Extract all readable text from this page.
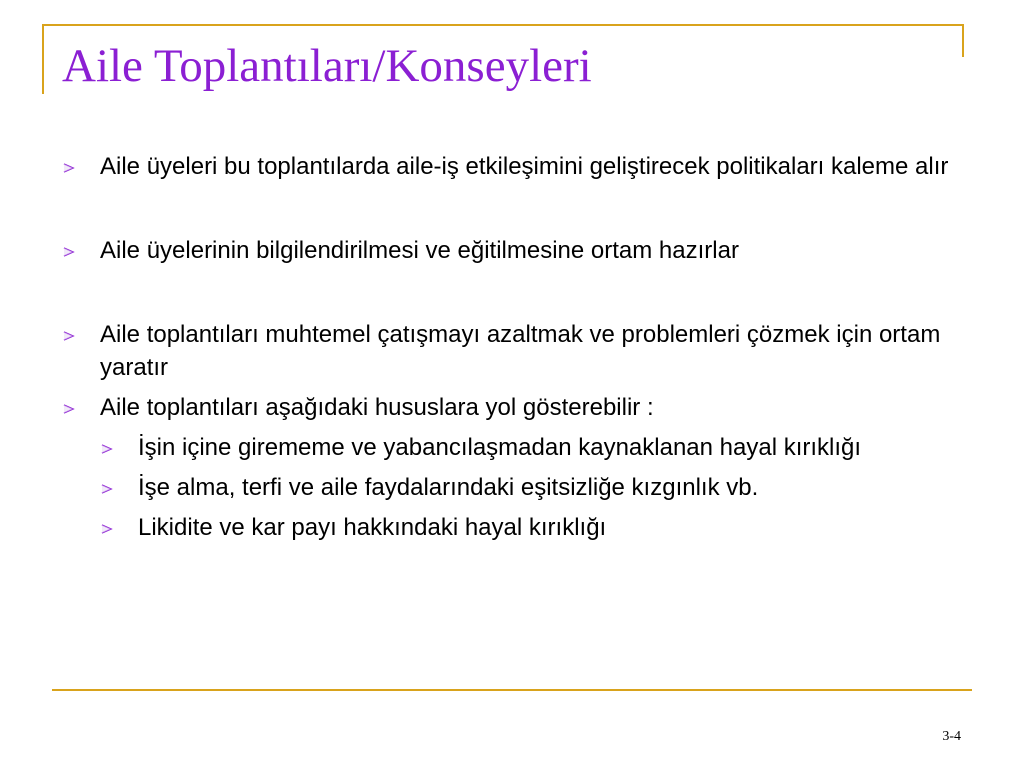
Aile Toplantıları/Konseyleri
Aile üyeleri bu toplantılarda aile-iş etkileşimini geliştirecek politikaları kaleme alır
Aile üyelerinin bilgilendirilmesi ve eğitilmesine ortam hazırlar
Aile toplantıları muhtemel çatışmayı azaltmak ve problemleri çözmek için ortam yaratır
Aile toplantıları aşağıdaki hususlara yol gösterebilir :
İşin içine girememe ve yabancılaşmadan kaynaklanan hayal kırıklığı
İşe alma, terfi ve aile faydalarındaki eşitsizliğe kızgınlık vb.
Likidite ve kar payı hakkındaki hayal kırıklığı
3-4
